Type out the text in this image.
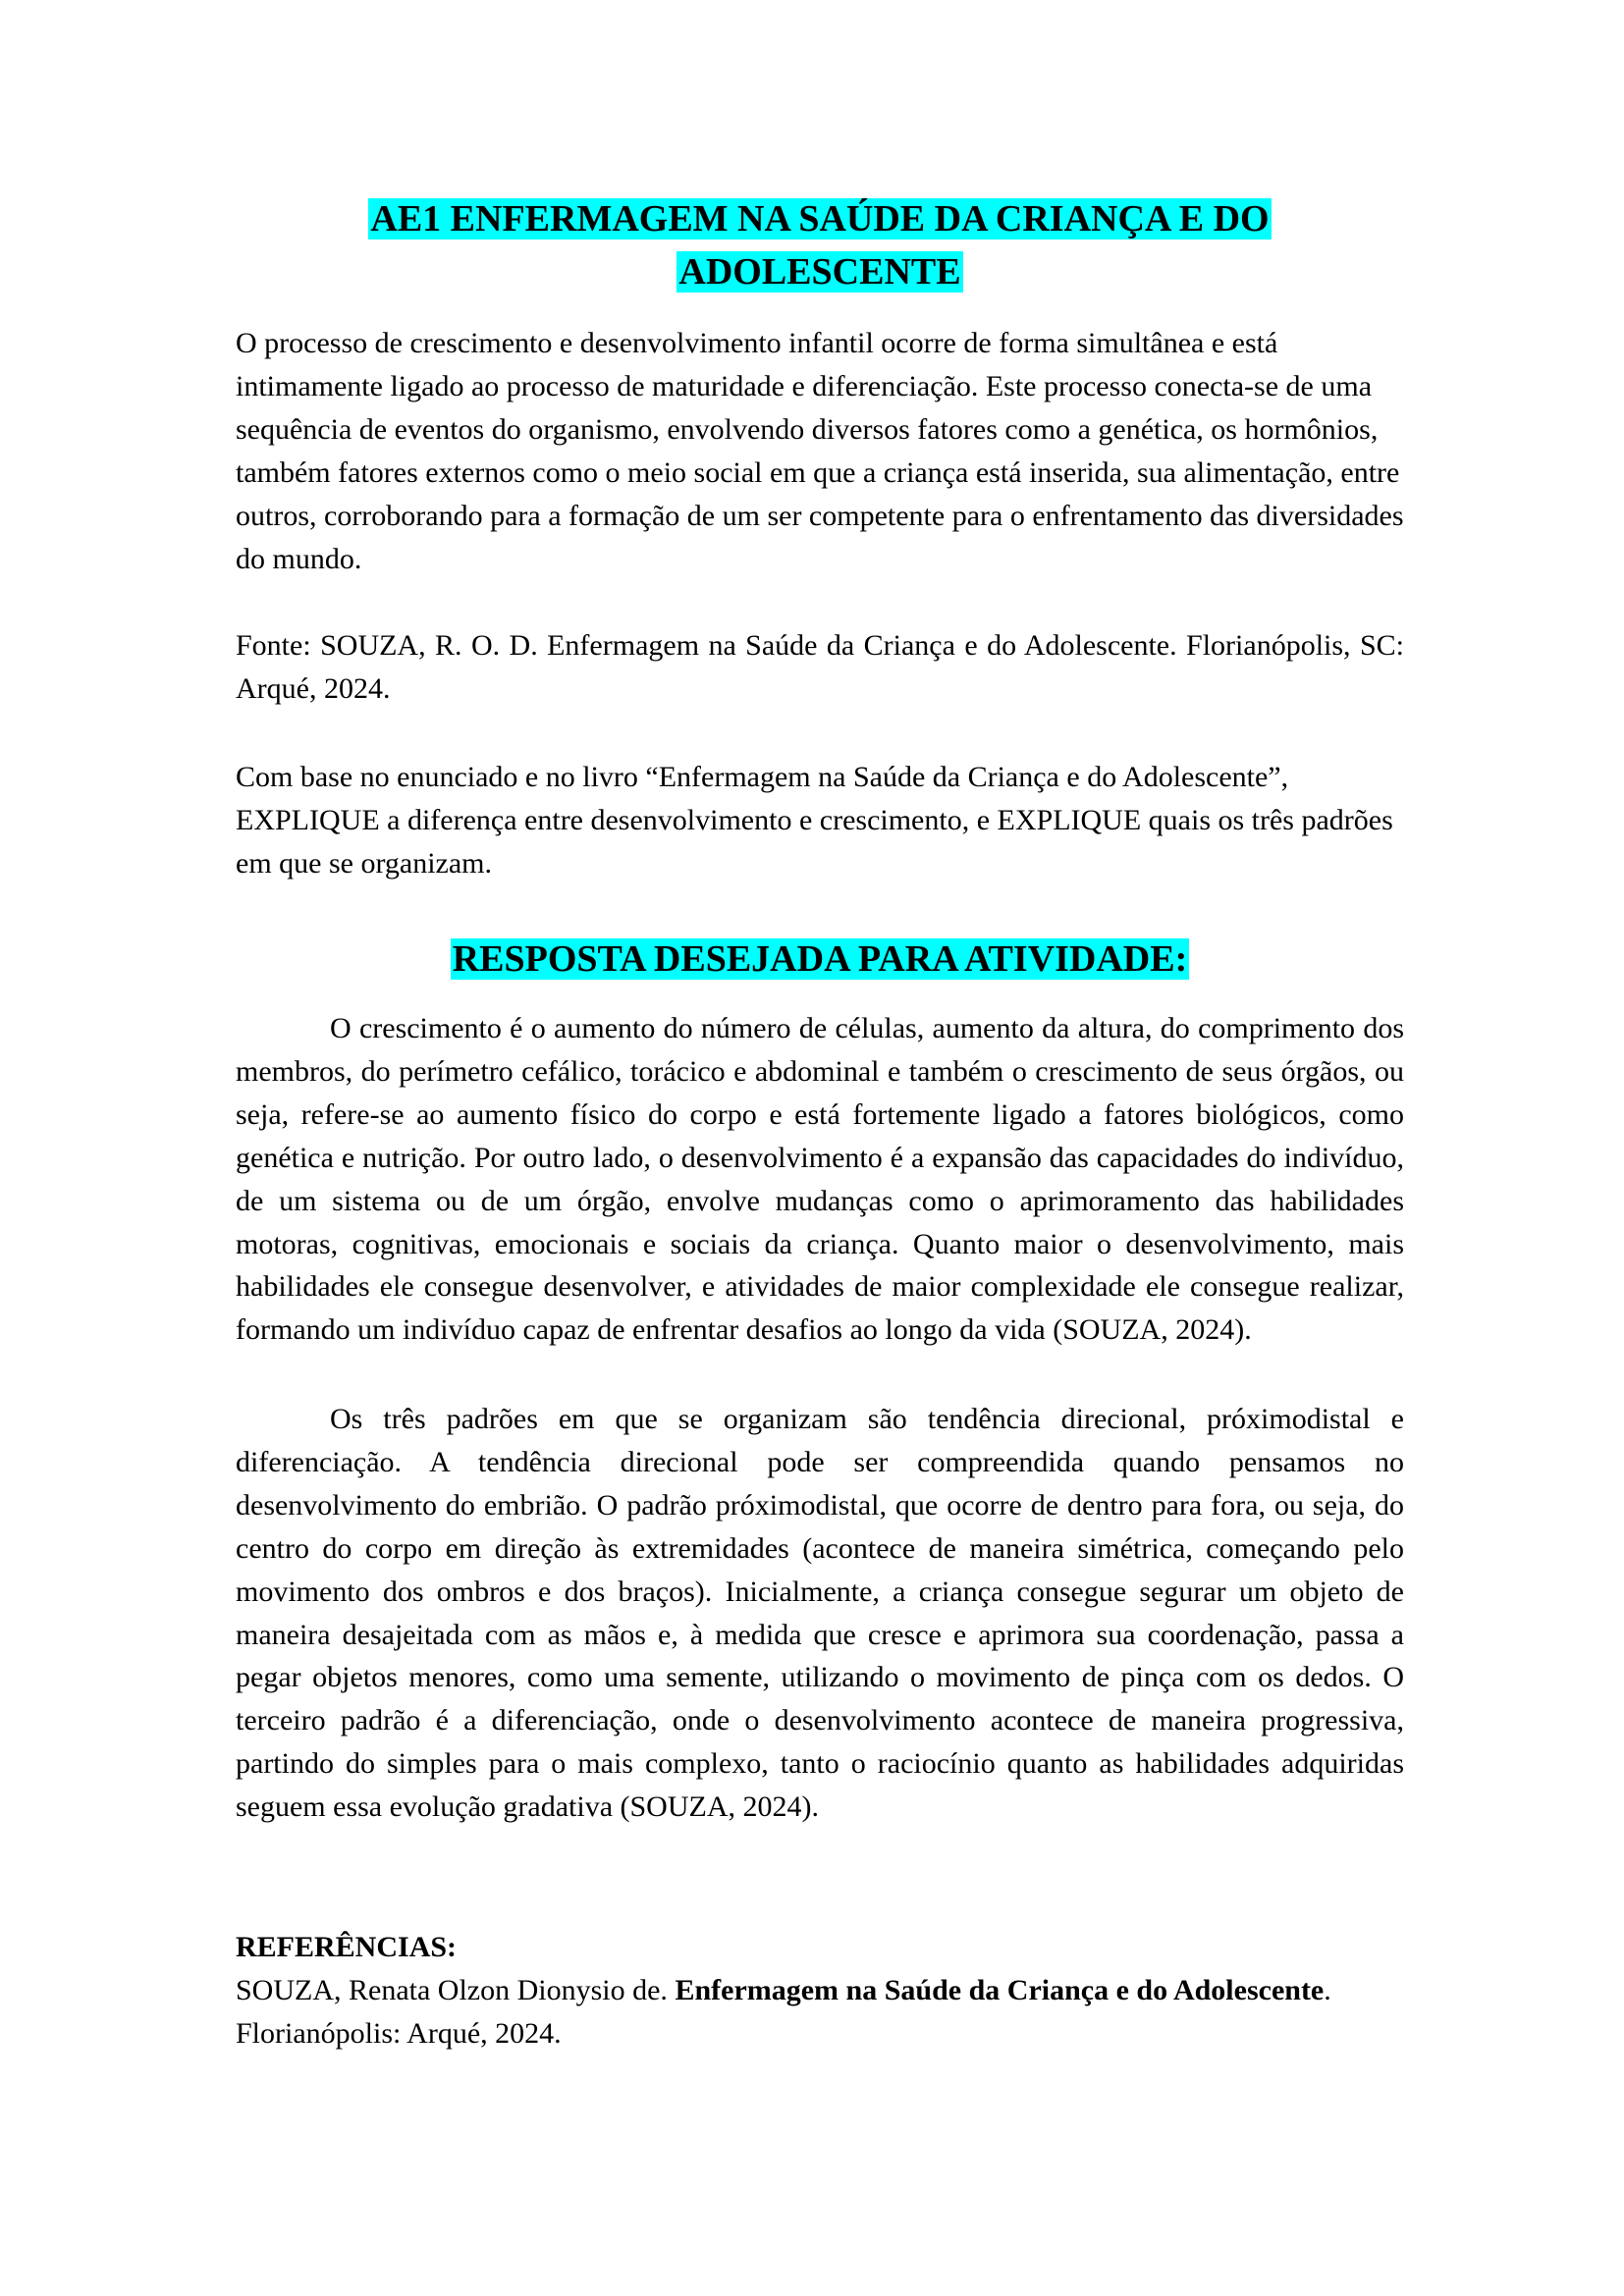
AE1 ENFERMAGEM NA SAÚDE DA CRIANÇA E DO
ADOLESCENTE

O processo de crescimento e desenvolvimento infantil ocorre de forma simultânea e está intimamente ligado ao processo de maturidade e diferenciação. Este processo conecta-se de uma sequência de eventos do organismo, envolvendo diversos fatores como a genética, os hormônios, também fatores externos como o meio social em que a criança está inserida, sua alimentação, entre outros, corroborando para a formação de um ser competente para o enfrentamento das diversidades do mundo.

Fonte: SOUZA, R. O. D. Enfermagem na Saúde da Criança e do Adolescente. Florianópolis, SC: Arqué, 2024.

Com base no enunciado e no livro “Enfermagem na Saúde da Criança e do Adolescente”, EXPLIQUE a diferença entre desenvolvimento e crescimento, e EXPLIQUE quais os três padrões em que se organizam.

RESPOSTA DESEJADA PARA ATIVIDADE:

O crescimento é o aumento do número de células, aumento da altura, do comprimento dos membros, do perímetro cefálico, torácico e abdominal e também o crescimento de seus órgãos, ou seja, refere-se ao aumento físico do corpo e está fortemente ligado a fatores biológicos, como genética e nutrição. Por outro lado, o desenvolvimento é a expansão das capacidades do indivíduo, de um sistema ou de um órgão, envolve mudanças como o aprimoramento das habilidades motoras, cognitivas, emocionais e sociais da criança. Quanto maior o desenvolvimento, mais habilidades ele consegue desenvolver, e atividades de maior complexidade ele consegue realizar, formando um indivíduo capaz de enfrentar desafios ao longo da vida (SOUZA, 2024).

Os três padrões em que se organizam são tendência direcional, próximodistal e diferenciação. A tendência direcional pode ser compreendida quando pensamos no desenvolvimento do embrião. O padrão próximodistal, que ocorre de dentro para fora, ou seja, do centro do corpo em direção às extremidades (acontece de maneira simétrica, começando pelo movimento dos ombros e dos braços). Inicialmente, a criança consegue segurar um objeto de maneira desajeitada com as mãos e, à medida que cresce e aprimora sua coordenação, passa a pegar objetos menores, como uma semente, utilizando o movimento de pinça com os dedos. O terceiro padrão é a diferenciação, onde o desenvolvimento acontece de maneira progressiva, partindo do simples para o mais complexo, tanto o raciocínio quanto as habilidades adquiridas seguem essa evolução gradativa (SOUZA, 2024).

REFERÊNCIAS:

SOUZA, Renata Olzon Dionysio de. Enfermagem na Saúde da Criança e do Adolescente. Florianópolis: Arqué, 2024.
